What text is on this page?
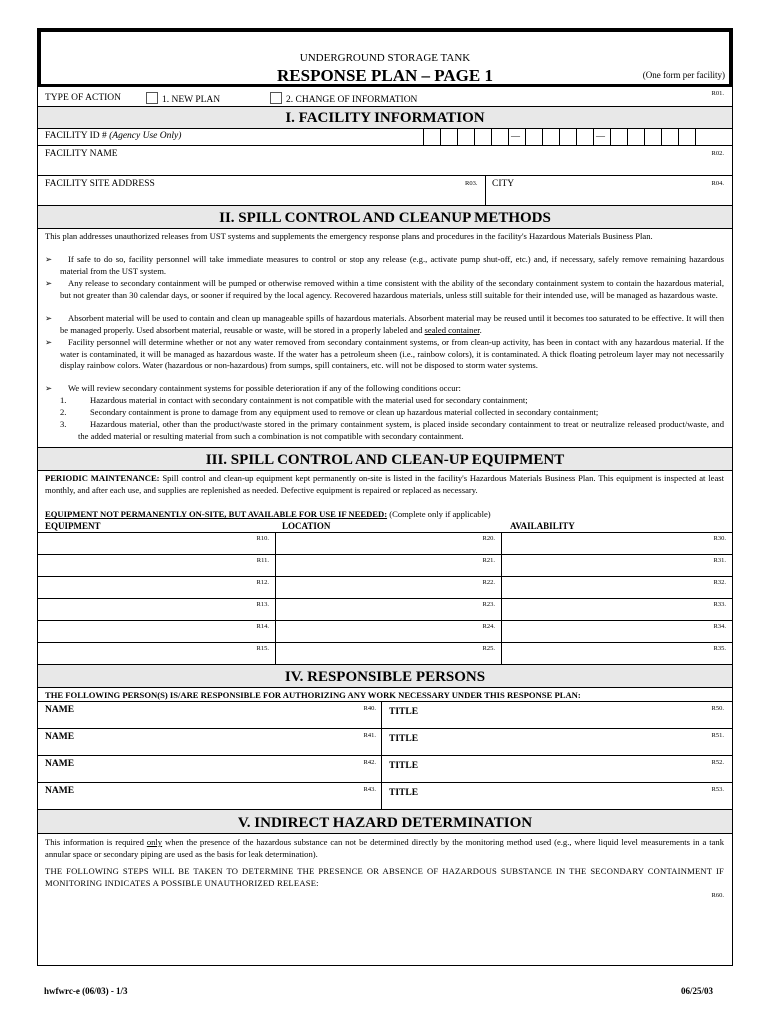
UNDERGROUND STORAGE TANK
RESPONSE PLAN – PAGE 1	(One form per facility)
R01.
TYPE OF ACTION	1. NEW PLAN	2. CHANGE OF INFORMATION
I. FACILITY INFORMATION
FACILITY ID # (Agency Use Only)	—	—
FACILITY NAME	R02.
FACILITY SITE ADDRESS	R03. CITY	R04.
II. SPILL CONTROL AND CLEANUP METHODS
This plan addresses unauthorized releases from UST systems and supplements the emergency response plans and procedures in the facility's Hazardous Materials Business Plan.
➢	If safe to do so, facility personnel will take immediate measures to control or stop any release (e.g., activate pump shut-off, etc.) and, if necessary, safely remove remaining hazardous material from the UST system.
➢	Any release to secondary containment will be pumped or otherwise removed within a time consistent with the ability of the secondary containment system to contain the hazardous material, but not greater than 30 calendar days, or sooner if required by the local agency. Recovered hazardous materials, unless still suitable for their intended use, will be managed as hazardous waste.
➢	Absorbent material will be used to contain and clean up manageable spills of hazardous materials. Absorbent material may be reused until it becomes too saturated to be effective. It will then be managed properly. Used absorbent material, reusable or waste, will be stored in a properly labeled and sealed container.
➢	Facility personnel will determine whether or not any water removed from secondary containment systems, or from clean-up activity, has been in contact with any hazardous material. If the water is contaminated, it will be managed as hazardous waste. If the water has a petroleum sheen (i.e., rainbow colors), it is contaminated. A thick floating petroleum layer may not necessarily display rainbow colors. Water (hazardous or non-hazardous) from sumps, spill containers, etc. will not be disposed to storm water systems.
➢	We will review secondary containment systems for possible deterioration if any of the following conditions occur:
1.	Hazardous material in contact with secondary containment is not compatible with the material used for secondary containment;
2.	Secondary containment is prone to damage from any equipment used to remove or clean up hazardous material collected in secondary containment;
3.	Hazardous material, other than the product/waste stored in the primary containment system, is placed inside secondary containment to treat or neutralize released product/waste, and the added material or resulting material from such a combination is not compatible with secondary containment.
III. SPILL CONTROL AND CLEAN-UP EQUIPMENT
PERIODIC MAINTENANCE: Spill control and clean-up equipment kept permanently on-site is listed in the facility's Hazardous Materials Business Plan. This equipment is inspected at least monthly, and after each use, and supplies are replenished as needed. Defective equipment is repaired or replaced as necessary.
EQUIPMENT NOT PERMANENTLY ON-SITE, BUT AVAILABLE FOR USE IF NEEDED: (Complete only if applicable)
EQUIPMENT	LOCATION	AVAILABILITY
R10.	R20.	R30.
R11.	R21.	R31.
R12.	R22.	R32.
R13.	R23.	R33.
R14.	R24.	R34.
R15.	R25.	R35.
IV. RESPONSIBLE PERSONS
THE FOLLOWING PERSON(S) IS/ARE RESPONSIBLE FOR AUTHORIZING ANY WORK NECESSARY UNDER THIS RESPONSE PLAN:
NAME	R40. TITLE	R50.
NAME	R41. TITLE	R51.
NAME	R42. TITLE	R52.
NAME	R43. TITLE	R53.
V. INDIRECT HAZARD DETERMINATION
This information is required only when the presence of the hazardous substance can not be determined directly by the monitoring method used (e.g., where liquid level measurements in a tank annular space or secondary piping are used as the basis for leak determination).
THE FOLLOWING STEPS WILL BE TAKEN TO DETERMINE THE PRESENCE OR ABSENCE OF HAZARDOUS SUBSTANCE IN THE SECONDARY CONTAINMENT IF MONITORING INDICATES A POSSIBLE UNAUTHORIZED RELEASE:
R60.
hwfwrc-e (06/03) - 1/3	06/25/03
